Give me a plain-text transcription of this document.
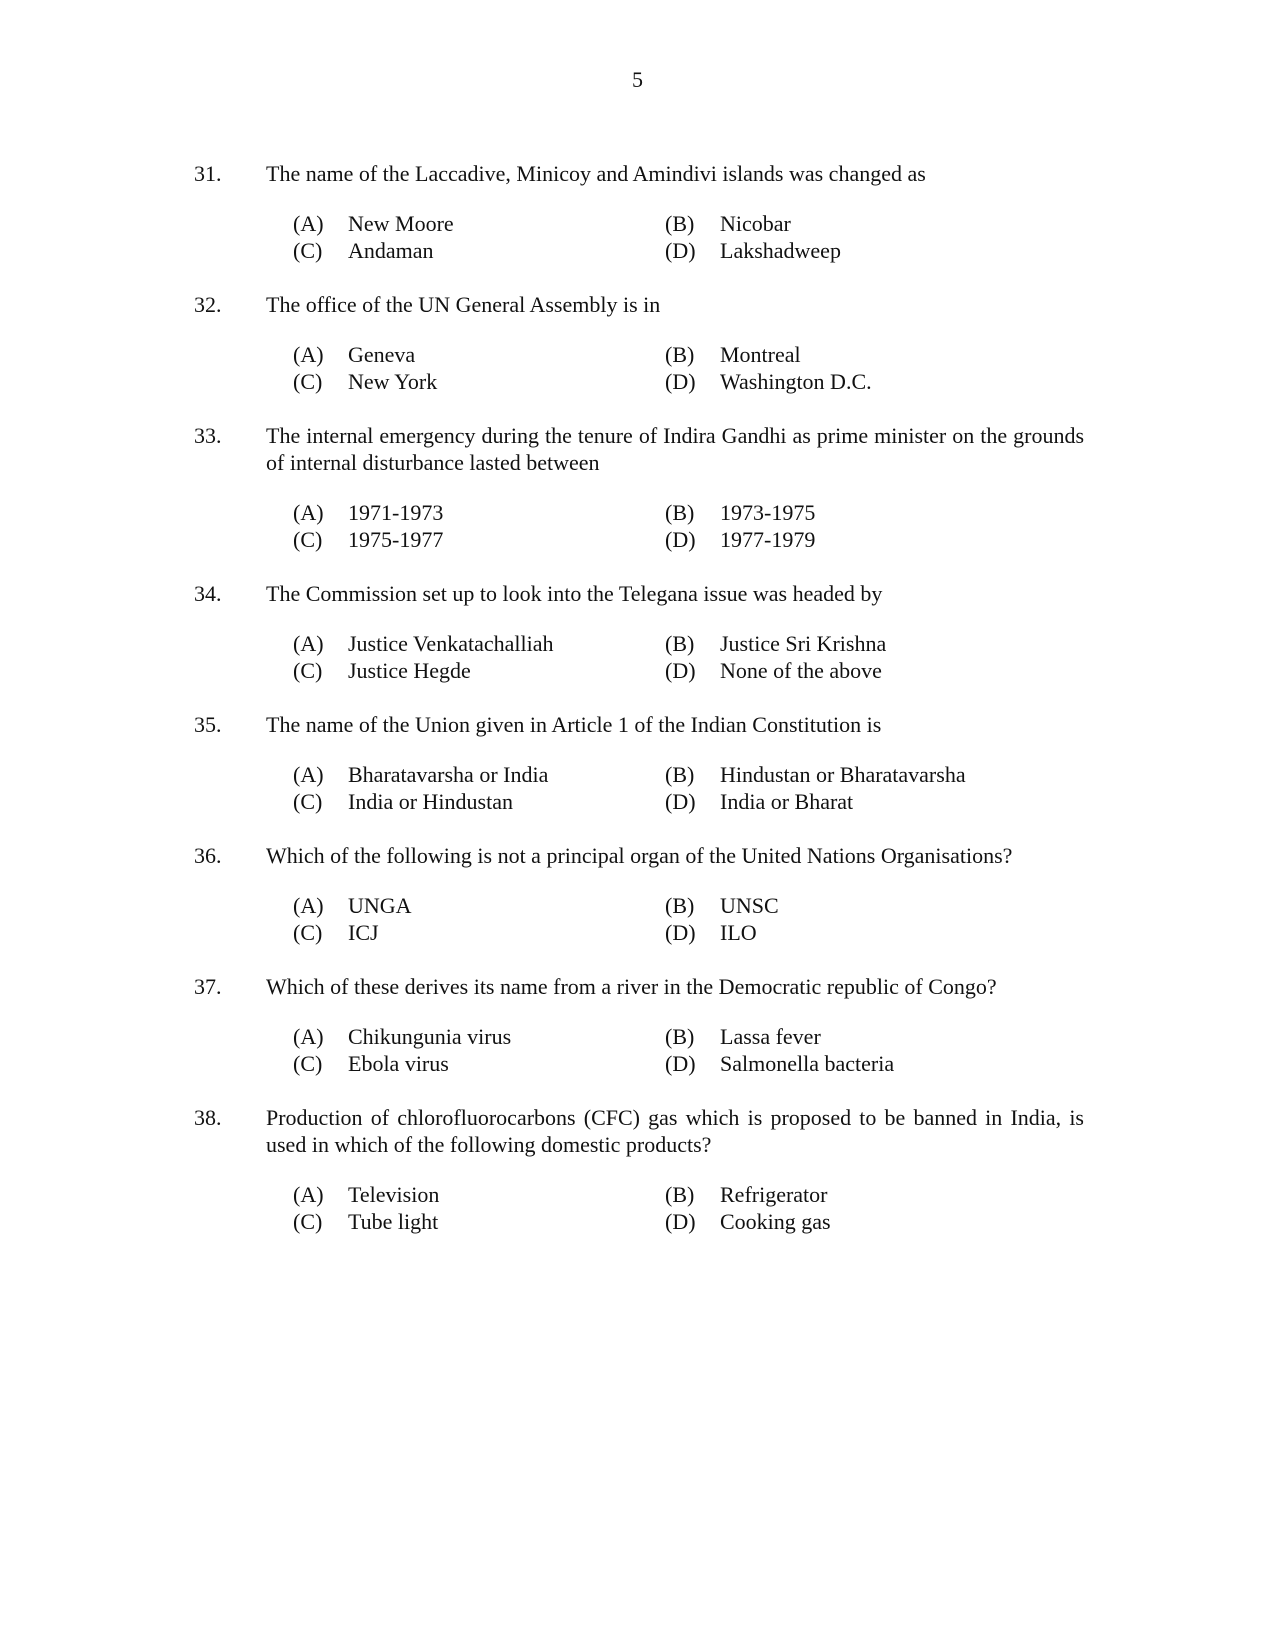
5
31. The name of the Laccadive, Minicoy and Amindivi islands was changed as
(A) New Moore	(B) Nicobar
(C) Andaman	(D) Lakshadweep
32. The office of the UN General Assembly is in
(A) Geneva	(B) Montreal
(C) New York	(D) Washington D.C.
33. The internal emergency during the tenure of Indira Gandhi as prime minister on the grounds of internal disturbance lasted between
(A) 1971-1973	(B) 1973-1975
(C) 1975-1977	(D) 1977-1979
34. The Commission set up to look into the Telegana issue was headed by
(A) Justice Venkatachalliah	(B) Justice Sri Krishna
(C) Justice Hegde	(D) None of the above
35. The name of the Union given in Article 1 of the Indian Constitution is
(A) Bharatavarsha or India	(B) Hindustan or Bharatavarsha
(C) India or Hindustan	(D) India or Bharat
36. Which of the following is not a principal organ of the United Nations Organisations?
(A) UNGA	(B) UNSC
(C) ICJ	(D) ILO
37. Which of these derives its name from a river in the Democratic republic of Congo?
(A) Chikungunia virus	(B) Lassa fever
(C) Ebola virus	(D) Salmonella bacteria
38. Production of chlorofluorocarbons (CFC) gas which is proposed to be banned in India, is used in which of the following domestic products?
(A) Television	(B) Refrigerator
(C) Tube light	(D) Cooking gas
